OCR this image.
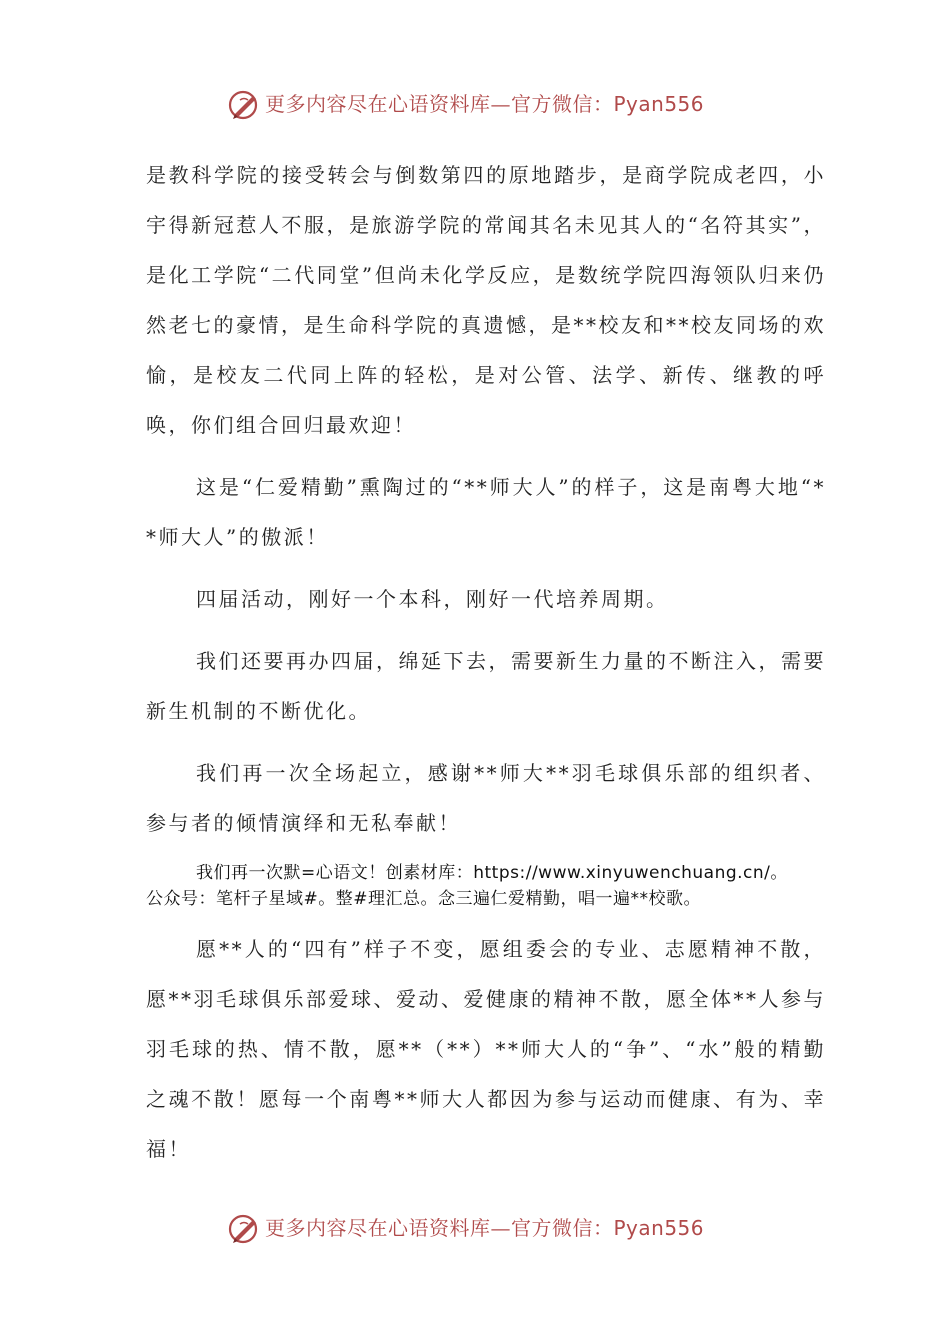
更多内容尽在心语资料库—官方微信：Pyan556

是教科学院的接受转会与倒数第四的原地踏步，是商学院成老四，小宇得新冠惹人不服，是旅游学院的常闻其名未见其人的“名符其实”，是化工学院“二代同堂”但尚未化学反应，是数统学院四海领队归来仍然老七的豪情，是生命科学院的真遗憾，是**校友和**校友同场的欢愉，是校友二代同上阵的轻松，是对公管、法学、新传、继教的呼唤，你们组合回归最欢迎！

这是“仁爱精勤”熏陶过的“**师大人”的样子，这是南粤大地“**师大人”的傲派！

四届活动，刚好一个本科，刚好一代培养周期。

我们还要再办四届，绵延下去，需要新生力量的不断注入，需要新生机制的不断优化。

我们再一次全场起立，感谢**师大**羽毛球俱乐部的组织者、参与者的倾情演绎和无私奉献！

我们再一次默=心语文！创素材库：https://www.xinyuwenchuang.cn/。
公众号：笔杆子星域#。整#理汇总。念三遍仁爱精勤，唱一遍**校歌。

愿**人的“四有”样子不变，愿组委会的专业、志愿精神不散，愿**羽毛球俱乐部爱球、爱动、爱健康的精神不散，愿全体**人参与羽毛球的热、情不散，愿**（**）**师大人的“争”、“水”般的精勤之魂不散！愿每一个南粤**师大人都因为参与运动而健康、有为、幸福！

更多内容尽在心语资料库—官方微信：Pyan556
